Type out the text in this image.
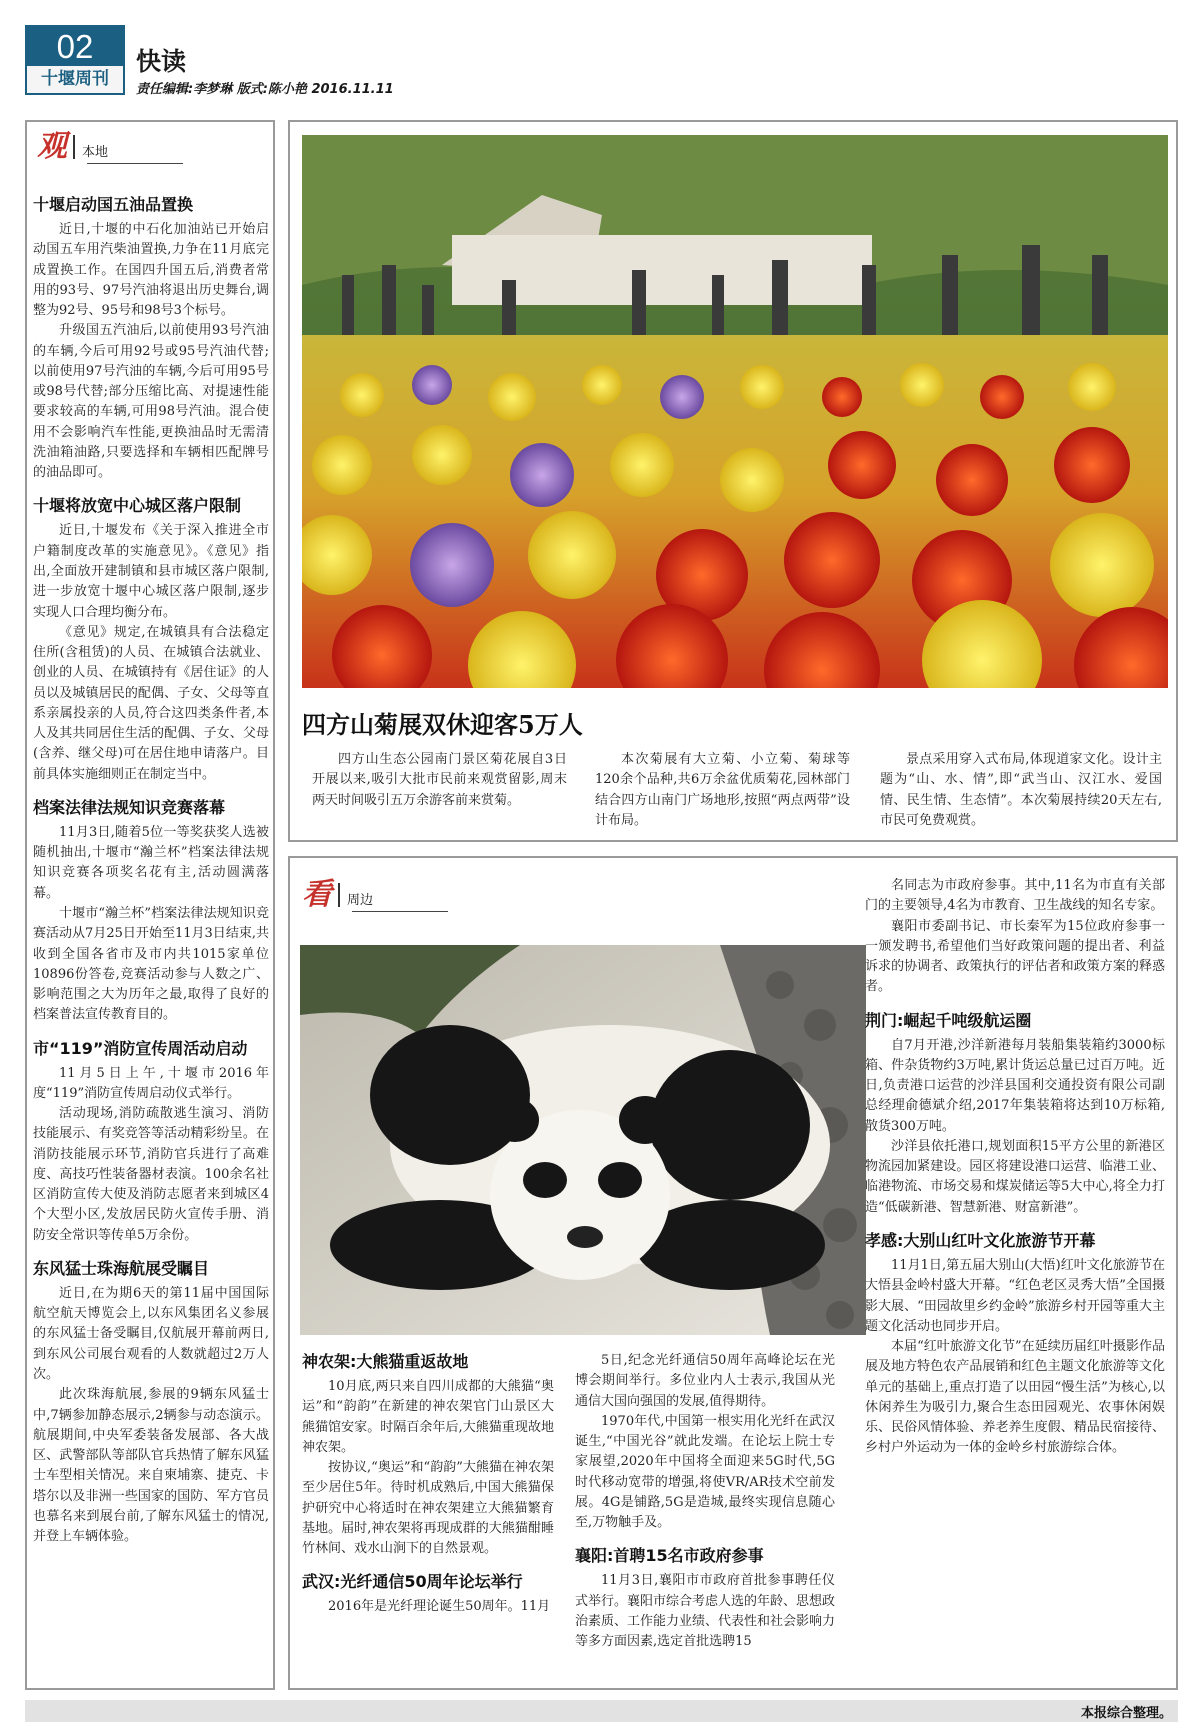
02
十堰周刊
快读
责任编辑:李梦琳 版式:陈小艳 2016.11.11
观 本地
十堰启动国五油品置换

近日,十堰的中石化加油站已开始启动国五车用汽柴油置换,力争在11月底完成置换工作。在国四升国五后,消费者常用的93号、97号汽油将退出历史舞台,调整为92号、95号和98号3个标号。

升级国五汽油后,以前使用93号汽油的车辆,今后可用92号或95号汽油代替;以前使用97号汽油的车辆,今后可用95号或98号代替;部分压缩比高、对提速性能要求较高的车辆,可用98号汽油。混合使用不会影响汽车性能,更换油品时无需清洗油箱油路,只要选择和车辆相匹配牌号的油品即可。

十堰将放宽中心城区落户限制

近日,十堰发布《关于深入推进全市户籍制度改革的实施意见》。《意见》指出,全面放开建制镇和县市城区落户限制,进一步放宽十堰中心城区落户限制,逐步实现人口合理均衡分布。

《意见》规定,在城镇具有合法稳定住所(含租赁)的人员、在城镇合法就业、创业的人员、在城镇持有《居住证》的人员以及城镇居民的配偶、子女、父母等直系亲属投亲的人员,符合这四类条件者,本人及其共同居住生活的配偶、子女、父母(含养、继父母)可在居住地申请落户。目前具体实施细则正在制定当中。

档案法律法规知识竞赛落幕

11月3日,随着5位一等奖获奖人选被随机抽出,十堰市“瀚兰杯”档案法律法规知识竞赛各项奖名花有主,活动圆满落幕。

十堰市“瀚兰杯”档案法律法规知识竞赛活动从7月25日开始至11月3日结束,共收到全国各省市及市内共1015家单位10896份答卷,竞赛活动参与人数之广、影响范围之大为历年之最,取得了良好的档案普法宣传教育目的。

市“119”消防宣传周活动启动

11月5日上午,十堰市2016年度“119”消防宣传周启动仪式举行。

活动现场,消防疏散逃生演习、消防技能展示、有奖竞答等活动精彩纷呈。在消防技能展示环节,消防官兵进行了高难度、高技巧性装备器材表演。100余名社区消防宣传大使及消防志愿者来到城区4个大型小区,发放居民防火宣传手册、消防安全常识等传单5万余份。

东风猛士珠海航展受瞩目

近日,在为期6天的第11届中国国际航空航天博览会上,以东风集团名义参展的东风猛士备受瞩目,仅航展开幕前两日,到东风公司展台观看的人数就超过2万人次。

此次珠海航展,参展的9辆东风猛士中,7辆参加静态展示,2辆参与动态演示。航展期间,中央军委装备发展部、各大战区、武警部队等部队官兵热情了解东风猛士车型相关情况。来自柬埔寨、捷克、卡塔尔以及非洲一些国家的国防、军方官员也慕名来到展台前,了解东风猛士的情况,并登上车辆体验。

四方山菊展双休迎客5万人

四方山生态公园南门景区菊花展自3日开展以来,吸引大批市民前来观赏留影,周末两天时间吸引五万余游客前来赏菊。

本次菊展有大立菊、小立菊、菊球等120余个品种,共6万余盆优质菊花,园林部门结合四方山南门广场地形,按照“两点两带”设计布局。

景点采用穿入式布局,体现道家文化。设计主题为“山、水、情”,即“武当山、汉江水、爱国情、民生情、生态情”。本次菊展持续20天左右,市民可免费观赏。

看 周边
神农架:大熊猫重返故地

10月底,两只来自四川成都的大熊猫“奥运”和“韵韵”在新建的神农架官门山景区大熊猫馆安家。时隔百余年后,大熊猫重现故地神农架。

按协议,“奥运”和“韵韵”大熊猫在神农架至少居住5年。待时机成熟后,中国大熊猫保护研究中心将适时在神农架建立大熊猫繁育基地。届时,神农架将再现成群的大熊猫酣睡竹林间、戏水山涧下的自然景观。

武汉:光纤通信50周年论坛举行

2016年是光纤理论诞生50周年。11月

5日,纪念光纤通信50周年高峰论坛在光博会期间举行。多位业内人士表示,我国从光通信大国向强国的发展,值得期待。

1970年代,中国第一根实用化光纤在武汉诞生,“中国光谷”就此发端。在论坛上院士专家展望,2020年中国将全面迎来5G时代,5G时代移动宽带的增强,将使VR/AR技术空前发展。4G是铺路,5G是造城,最终实现信息随心至,万物触手及。

襄阳:首聘15名市政府参事

11月3日,襄阳市市政府首批参事聘任仪式举行。襄阳市综合考虑人选的年龄、思想政治素质、工作能力业绩、代表性和社会影响力等多方面因素,选定首批选聘15

名同志为市政府参事。其中,11名为市直有关部门的主要领导,4名为市教育、卫生战线的知名专家。

襄阳市委副书记、市长秦军为15位政府参事一一颁发聘书,希望他们当好政策问题的提出者、利益诉求的协调者、政策执行的评估者和政策方案的释惑者。

荆门:崛起千吨级航运圈

自7月开港,沙洋新港每月装船集装箱约3000标箱、件杂货物约3万吨,累计货运总量已过百万吨。近日,负责港口运营的沙洋县国利交通投资有限公司副总经理俞德斌介绍,2017年集装箱将达到10万标箱,散货300万吨。

沙洋县依托港口,规划面积15平方公里的新港区物流园加紧建设。园区将建设港口运营、临港工业、临港物流、市场交易和煤炭储运等5大中心,将全力打造“低碳新港、智慧新港、财富新港”。

孝感:大别山红叶文化旅游节开幕

11月1日,第五届大别山(大悟)红叶文化旅游节在大悟县金岭村盛大开幕。“红色老区灵秀大悟”全国摄影大展、“田园故里乡约金岭”旅游乡村开园等重大主题文化活动也同步开启。

本届“红叶旅游文化节”在延续历届红叶摄影作品展及地方特色农产品展销和红色主题文化旅游等文化单元的基础上,重点打造了以田园“慢生活”为核心,以休闲养生为吸引力,聚合生态田园观光、农事休闲娱乐、民俗风情体验、养老养生度假、精品民宿接待、乡村户外运动为一体的金岭乡村旅游综合体。

本报综合整理。
